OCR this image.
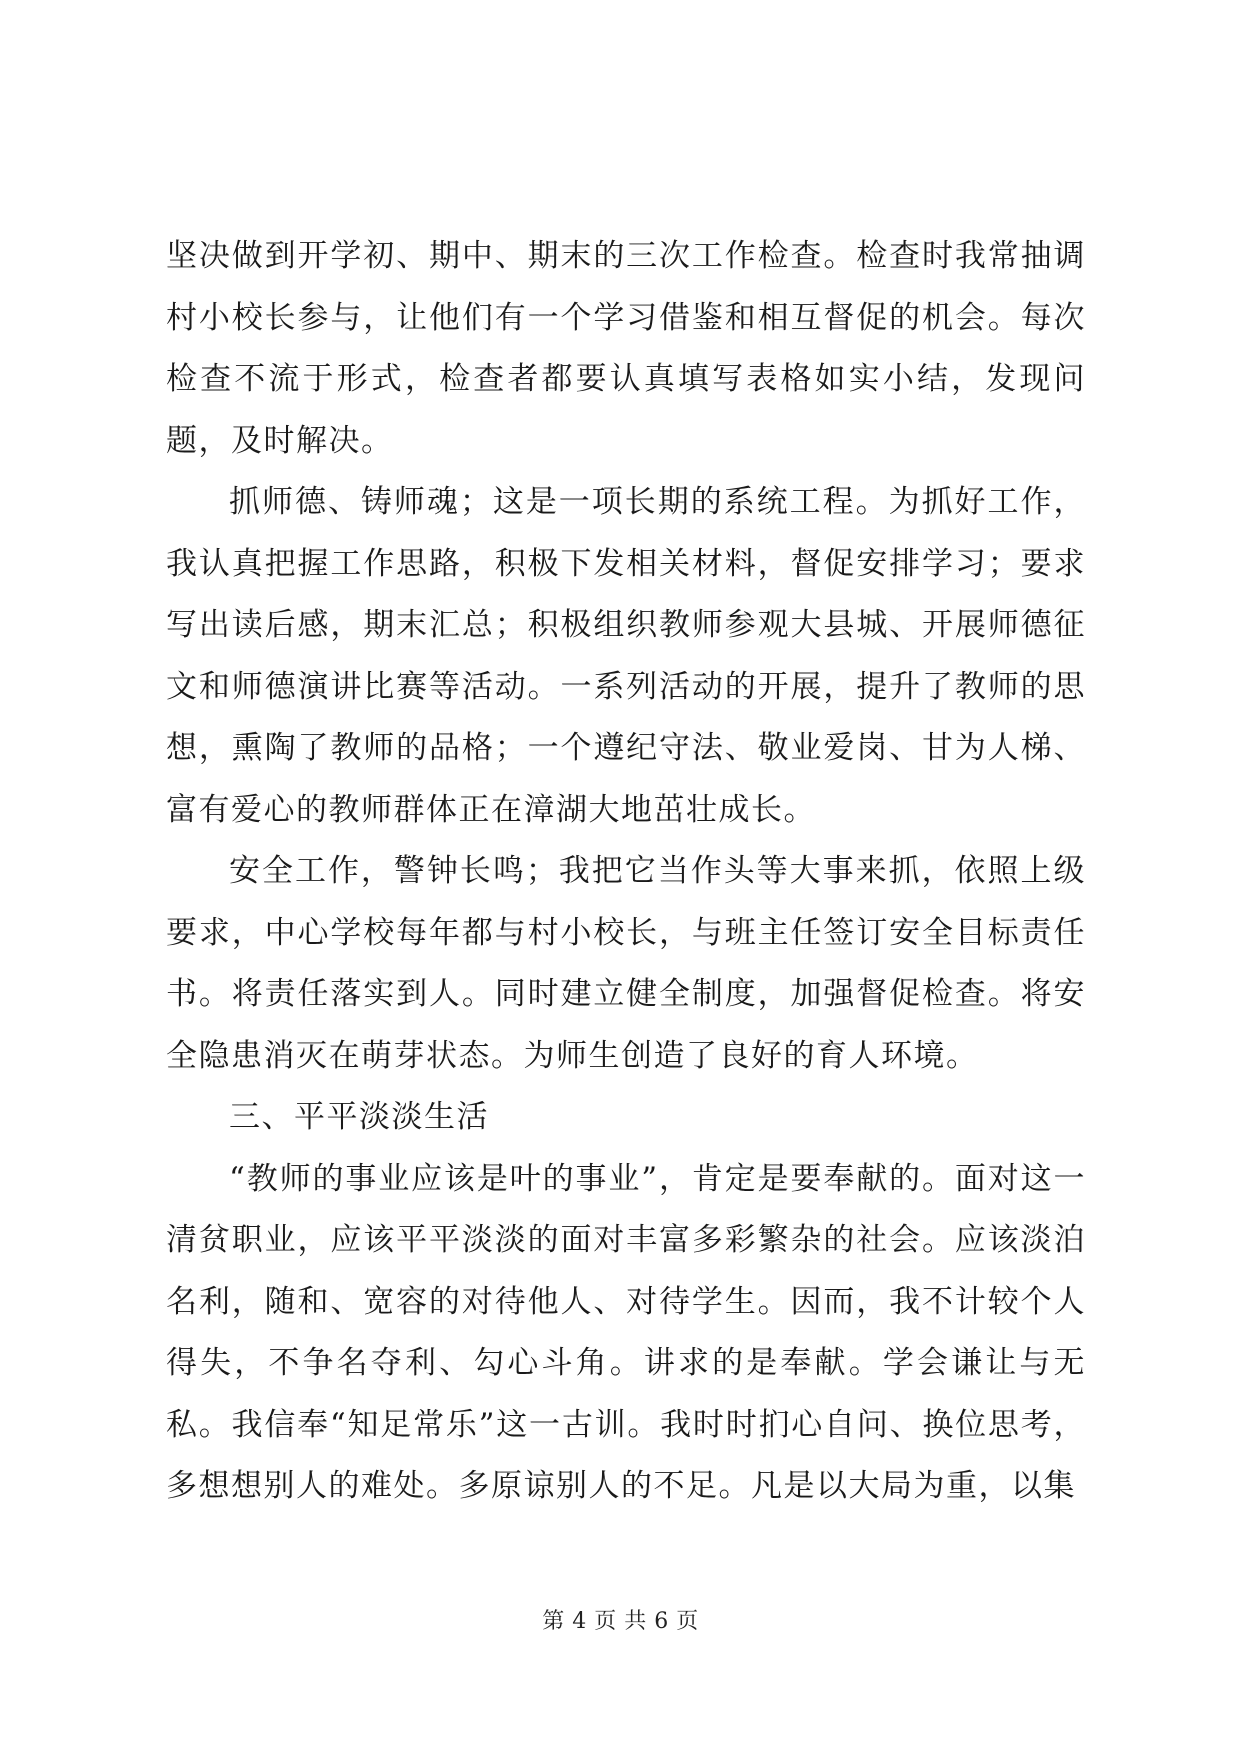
坚决做到开学初、期中、期末的三次工作检查。检查时我常抽调村小校长参与，让他们有一个学习借鉴和相互督促的机会。每次检查不流于形式，检查者都要认真填写表格如实小结，发现问题，及时解决。

抓师德、铸师魂；这是一项长期的系统工程。为抓好工作，我认真把握工作思路，积极下发相关材料，督促安排学习；要求写出读后感，期末汇总；积极组织教师参观大县城、开展师德征文和师德演讲比赛等活动。一系列活动的开展，提升了教师的思想，熏陶了教师的品格；一个遵纪守法、敬业爱岗、甘为人梯、富有爱心的教师群体正在漳湖大地茁壮成长。

安全工作，警钟长鸣；我把它当作头等大事来抓，依照上级要求，中心学校每年都与村小校长，与班主任签订安全目标责任书。将责任落实到人。同时建立健全制度，加强督促检查。将安全隐患消灭在萌芽状态。为师生创造了良好的育人环境。

三、平平淡淡生活

“教师的事业应该是叶的事业”，肯定是要奉献的。面对这一清贫职业，应该平平淡淡的面对丰富多彩繁杂的社会。应该淡泊名利，随和、宽容的对待他人、对待学生。因而，我不计较个人得失，不争名夺利、勾心斗角。讲求的是奉献。学会谦让与无私。我信奉“知足常乐”这一古训。我时时扪心自问、换位思考，多想想别人的难处。多原谅别人的不足。凡是以大局为重，以集

第 4 页 共 6 页
